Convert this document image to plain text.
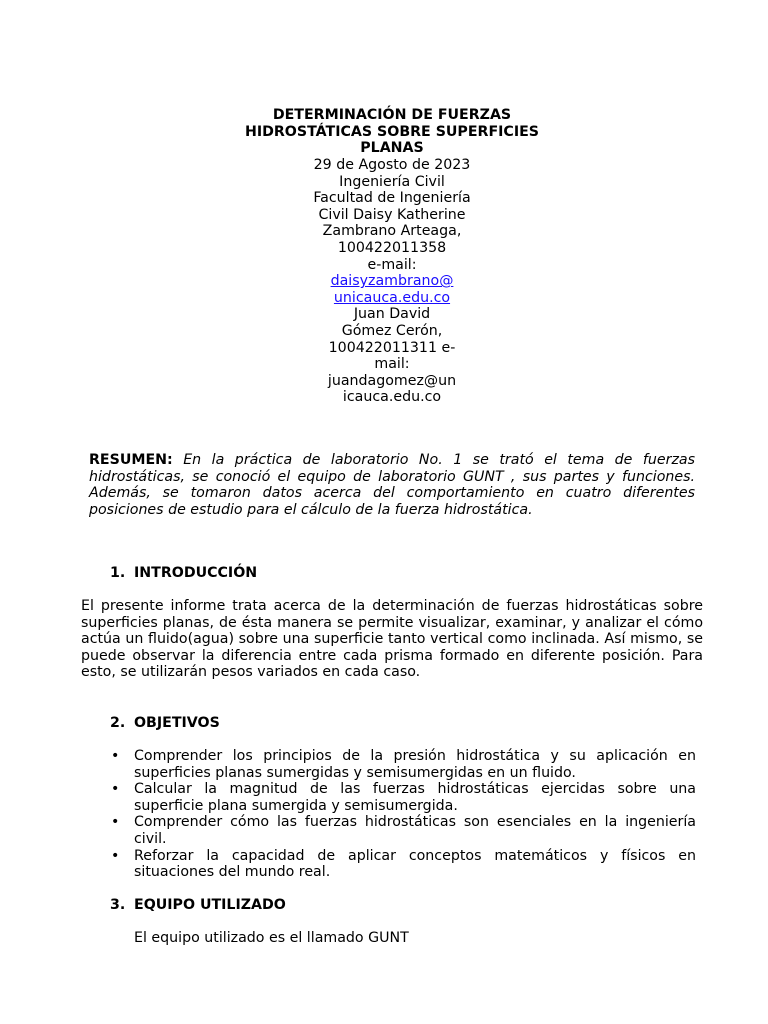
DETERMINACIÓN DE FUERZAS
HIDROSTÁTICAS SOBRE SUPERFICIES
PLANAS
29 de Agosto de 2023
Ingeniería Civil
Facultad de Ingeniería
Civil Daisy Katherine
Zambrano Arteaga,
100422011358
e-mail:
daisyzambrano@
unicauca.edu.co
Juan David
Gómez Cerón,
100422011311 e-
mail:
juandagomez@un
icauca.edu.co
RESUMEN: En la práctica de laboratorio No. 1 se trató el tema de fuerzas hidrostáticas, se conoció el equipo de laboratorio GUNT , sus partes y funciones. Además, se tomaron datos acerca del comportamiento en cuatro diferentes posiciones de estudio para el cálculo de la fuerza hidrostática.
1. INTRODUCCIÓN
El presente informe trata acerca de la determinación de fuerzas hidrostáticas sobre superficies planas, de ésta manera se permite visualizar, examinar, y analizar el cómo actúa un fluido(agua) sobre una superficie tanto vertical como inclinada. Así mismo, se puede observar la diferencia entre cada prisma formado en diferente posición. Para esto, se utilizarán pesos variados en cada caso.
2. OBJETIVOS
• Comprender los principios de la presión hidrostática y su aplicación en superficies planas sumergidas y semisumergidas en un fluido.
• Calcular la magnitud de las fuerzas hidrostáticas ejercidas sobre una superficie plana sumergida y semisumergida.
• Comprender cómo las fuerzas hidrostáticas son esenciales en la ingeniería civil.
• Reforzar la capacidad de aplicar conceptos matemáticos y físicos en situaciones del mundo real.
3. EQUIPO UTILIZADO
El equipo utilizado es el llamado GUNT
